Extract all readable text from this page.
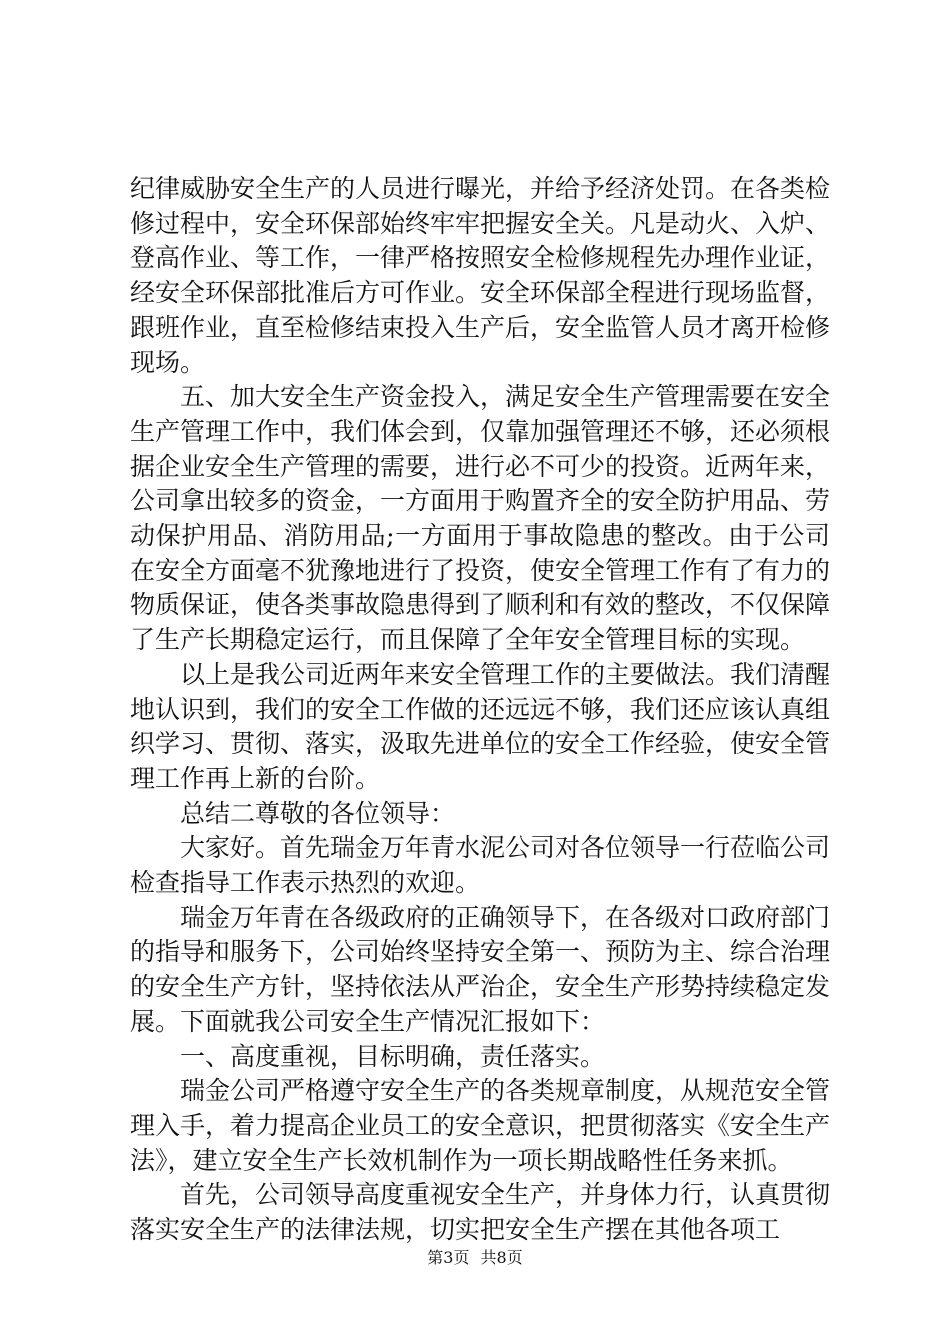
纪律威胁安全生产的人员进行曝光，并给予经济处罚。在各类检修过程中，安全环保部始终牢牢把握安全关。凡是动火、入炉、登高作业、等工作，一律严格按照安全检修规程先办理作业证，经安全环保部批准后方可作业。安全环保部全程进行现场监督，跟班作业，直至检修结束投入生产后，安全监管人员才离开检修现场。

五、加大安全生产资金投入，满足安全生产管理需要在安全生产管理工作中，我们体会到，仅靠加强管理还不够，还必须根据企业安全生产管理的需要，进行必不可少的投资。近两年来，公司拿出较多的资金，一方面用于购置齐全的安全防护用品、劳动保护用品、消防用品;一方面用于事故隐患的整改。由于公司在安全方面毫不犹豫地进行了投资，使安全管理工作有了有力的物质保证，使各类事故隐患得到了顺利和有效的整改，不仅保障了生产长期稳定运行，而且保障了全年安全管理目标的实现。

以上是我公司近两年来安全管理工作的主要做法。我们清醒地认识到，我们的安全工作做的还远远不够，我们还应该认真组织学习、贯彻、落实，汲取先进单位的安全工作经验，使安全管理工作再上新的台阶。

总结二尊敬的各位领导：

大家好。首先瑞金万年青水泥公司对各位领导一行莅临公司检查指导工作表示热烈的欢迎。

瑞金万年青在各级政府的正确领导下，在各级对口政府部门的指导和服务下，公司始终坚持安全第一、预防为主、综合治理的安全生产方针，坚持依法从严治企，安全生产形势持续稳定发展。下面就我公司安全生产情况汇报如下：

一、高度重视，目标明确，责任落实。

瑞金公司严格遵守安全生产的各类规章制度，从规范安全管理入手，着力提高企业员工的安全意识，把贯彻落实《安全生产法》，建立安全生产长效机制作为一项长期战略性任务来抓。

首先，公司领导高度重视安全生产，并身体力行，认真贯彻落实安全生产的法律法规，切实把安全生产摆在其他各项工

第3页 共8页
